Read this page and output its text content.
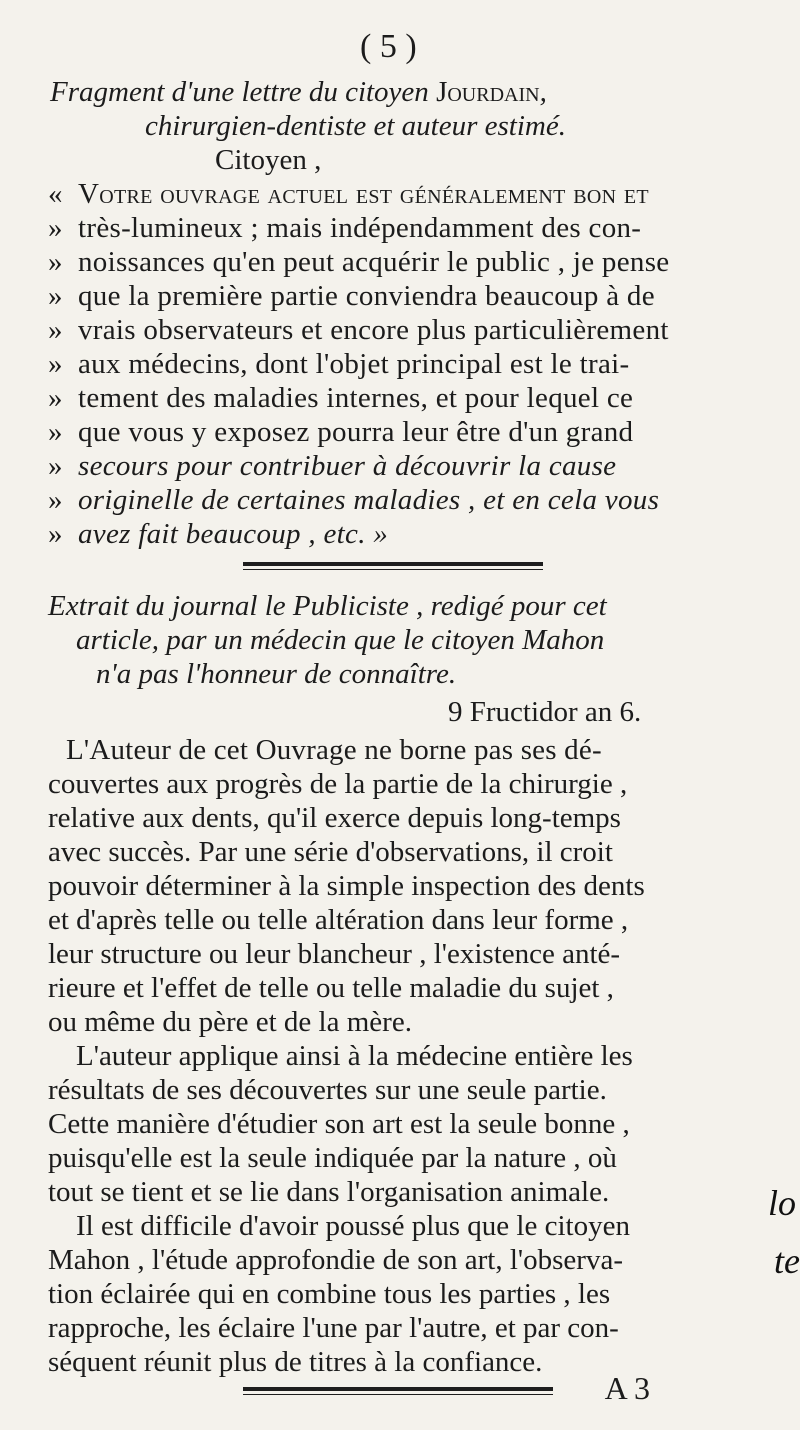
( 5 )
Fragment d'une lettre du citoyen Jourdain,
chirurgien-dentiste et auteur estimé.
Citoyen ,
« Votre ouvrage actuel est généralement bon et
» très-lumineux ; mais indépendamment des con-
» noissances qu'en peut acquérir le public , je pense
» que la première partie conviendra beaucoup à de
» vrais observateurs et encore plus particulièrement
» aux médecins, dont l'objet principal est le trai-
» tement des maladies internes, et pour lequel ce
» que vous y exposez pourra leur être d'un grand
» secours pour contribuer à découvrir la cause
» originelle de certaines maladies , et en cela vous
» avez fait beaucoup , etc. »
Extrait du journal le Publiciste , redigé pour cet
article, par un médecin que le citoyen Mahon
n'a pas l'honneur de connaître.
9 Fructidor an 6.
L'Auteur de cet Ouvrage ne borne pas ses dé-
couvertes aux progrès de la partie de la chirurgie ,
relative aux dents, qu'il exerce depuis long-temps
avec succès. Par une série d'observations, il croit
pouvoir déterminer à la simple inspection des dents
et d'après telle ou telle altération dans leur forme ,
leur structure ou leur blancheur , l'existence anté-
rieure et l'effet de telle ou telle maladie du sujet ,
ou même du père et de la mère.
L'auteur applique ainsi à la médecine entière les
résultats de ses découvertes sur une seule partie.
Cette manière d'étudier son art est la seule bonne ,
puisqu'elle est la seule indiquée par la nature , où
tout se tient et se lie dans l'organisation animale.
Il est difficile d'avoir poussé plus que le citoyen
Mahon , l'étude approfondie de son art, l'observa-
tion éclairée qui en combine tous les parties , les
rapproche, les éclaire l'une par l'autre, et par con-
séquent réunit plus de titres à la confiance.
lo
te
A 3
